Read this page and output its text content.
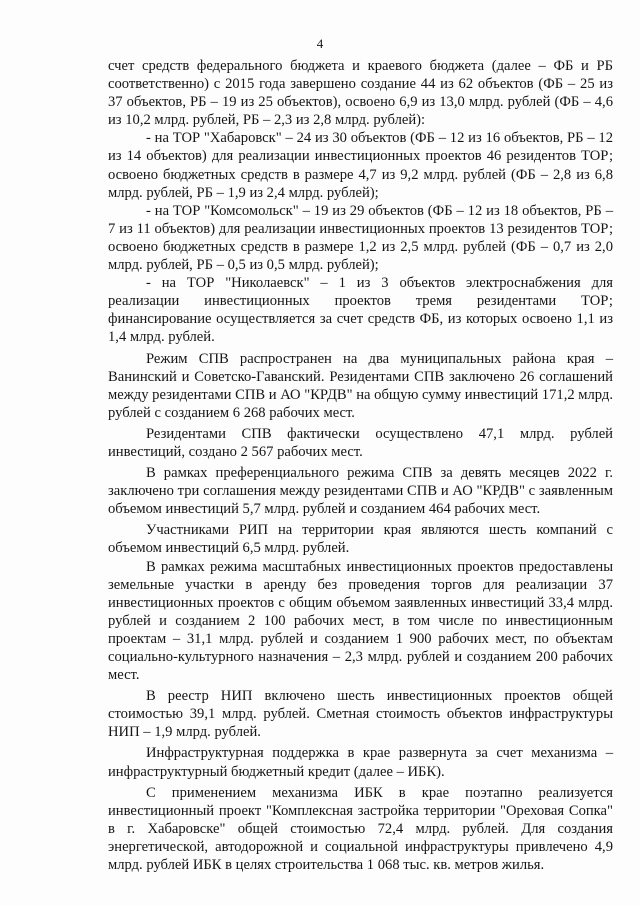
4

счет средств федерального бюджета и краевого бюджета (далее – ФБ и РБ соответственно) с 2015 года завершено создание 44 из 62 объектов (ФБ – 25 из 37 объектов, РБ – 19 из 25 объектов), освоено 6,9 из 13,0 млрд. рублей (ФБ – 4,6 из 10,2 млрд. рублей, РБ – 2,3 из 2,8 млрд. рублей):

- на ТОР "Хабаровск" – 24 из 30 объектов (ФБ – 12 из 16 объектов, РБ – 12 из 14 объектов) для реализации инвестиционных проектов 46 резидентов ТОР; освоено бюджетных средств в размере 4,7 из 9,2 млрд. рублей (ФБ – 2,8 из 6,8 млрд. рублей, РБ – 1,9 из 2,4 млрд. рублей);

- на ТОР "Комсомольск" – 19 из 29 объектов (ФБ – 12 из 18 объектов, РБ – 7 из 11 объектов) для реализации инвестиционных проектов 13 резидентов ТОР; освоено бюджетных средств в размере 1,2 из 2,5 млрд. рублей (ФБ – 0,7 из 2,0 млрд. рублей, РБ – 0,5 из 0,5 млрд. рублей);

- на ТОР "Николаевск" – 1 из 3 объектов электроснабжения для реализации инвестиционных проектов тремя резидентами ТОР; финансирование осуществляется за счет средств ФБ, из которых освоено 1,1 из 1,4 млрд. рублей.

Режим СПВ распространен на два муниципальных района края – Ванинский и Советско-Гаванский. Резидентами СПВ заключено 26 соглашений между резидентами СПВ и АО "КРДВ" на общую сумму инвестиций 171,2 млрд. рублей с созданием 6 268 рабочих мест.

Резидентами СПВ фактически осуществлено 47,1 млрд. рублей инвестиций, создано 2 567 рабочих мест.

В рамках преференциального режима СПВ за девять месяцев 2022 г. заключено три соглашения между резидентами СПВ и АО "КРДВ" с заявленным объемом инвестиций 5,7 млрд. рублей и созданием 464 рабочих мест.

Участниками РИП на территории края являются шесть компаний с объемом инвестиций 6,5 млрд. рублей.

В рамках режима масштабных инвестиционных проектов предоставлены земельные участки в аренду без проведения торгов для реализации 37 инвестиционных проектов с общим объемом заявленных инвестиций 33,4 млрд. рублей и созданием 2 100 рабочих мест, в том числе по инвестиционным проектам – 31,1 млрд. рублей и созданием 1 900 рабочих мест, по объектам социально-культурного назначения – 2,3 млрд. рублей и созданием 200 рабочих мест.

В реестр НИП включено шесть инвестиционных проектов общей стоимостью 39,1 млрд. рублей. Сметная стоимость объектов инфраструктуры НИП – 1,9 млрд. рублей.

Инфраструктурная поддержка в крае развернута за счет механизма – инфраструктурный бюджетный кредит (далее – ИБК).

С применением механизма ИБК в крае поэтапно реализуется инвестиционный проект "Комплексная застройка территории "Ореховая Сопка" в г. Хабаровске" общей стоимостью 72,4 млрд. рублей. Для создания энергетической, автодорожной и социальной инфраструктуры привлечено 4,9 млрд. рублей ИБК в целях строительства 1 068 тыс. кв. метров жилья.
